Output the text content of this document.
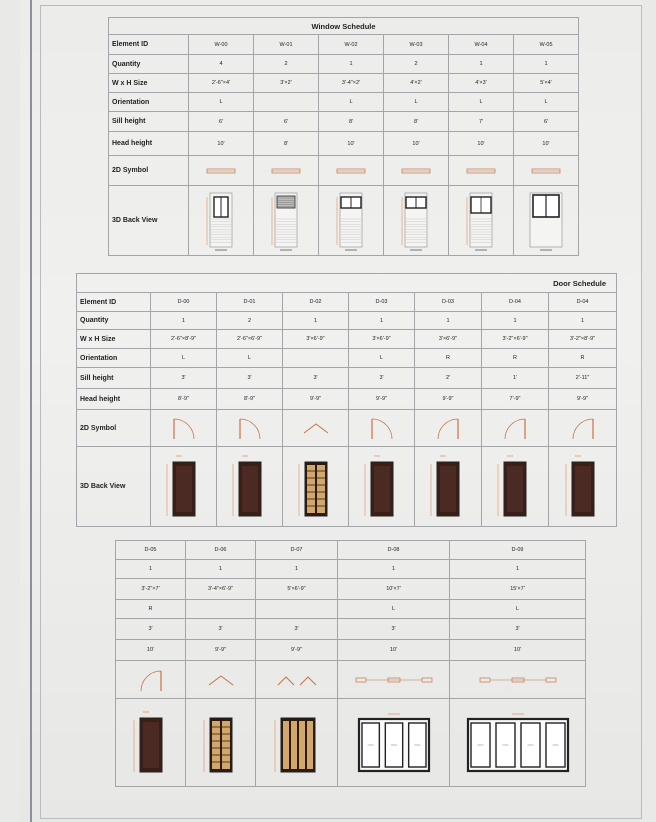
Window Schedule						
Element ID	W-00	W-01	W-02	W-03	W-04	W-05
Quantity	4	2	1	2	1	1
W x H Size	2'-6"×4'	3'×2'	3'-4"×2'	4'×2'	4'×3'	5'×4'
Orientation	L		L	L	L	L
Sill height	6'	6'	8'	8'	7'	6'
Head height	10'	8'	10'	10'	10'	10'
2D Symbol	

3D Back View	

Door Schedule							
Element ID	D-00	D-01	D-02	D-03	D-03	D-04	D-04
Quantity	1	2	1	1	1	1	1
W x H Size	2'-6"×8'-9"	2'-6"×6'-9"	3'×6'-9"	3'×6'-9"	3'×6'-9"	3'-2"×6'-9"	3'-2"×8'-9"
Orientation	L	L		L	R	R	R
Sill height	3'	3'	3'	3'	2'	1'	2'-11"
Head height	8'-9"	8'-9"	9'-9"	9'-9"	9'-9"	7'-9"	9'-9"
2D Symbol	

3D Back View	

D-05	D-06	D-07	D-08	D-09
1	1	1	1	1
3'-2"×7'	3'-4"×6'-9"	5'×6'-9"	10'×7'	15'×7'
R			L	L
3'	3'	3'	3'	3'
10'	9'-9"	9'-9"	10'	10'
